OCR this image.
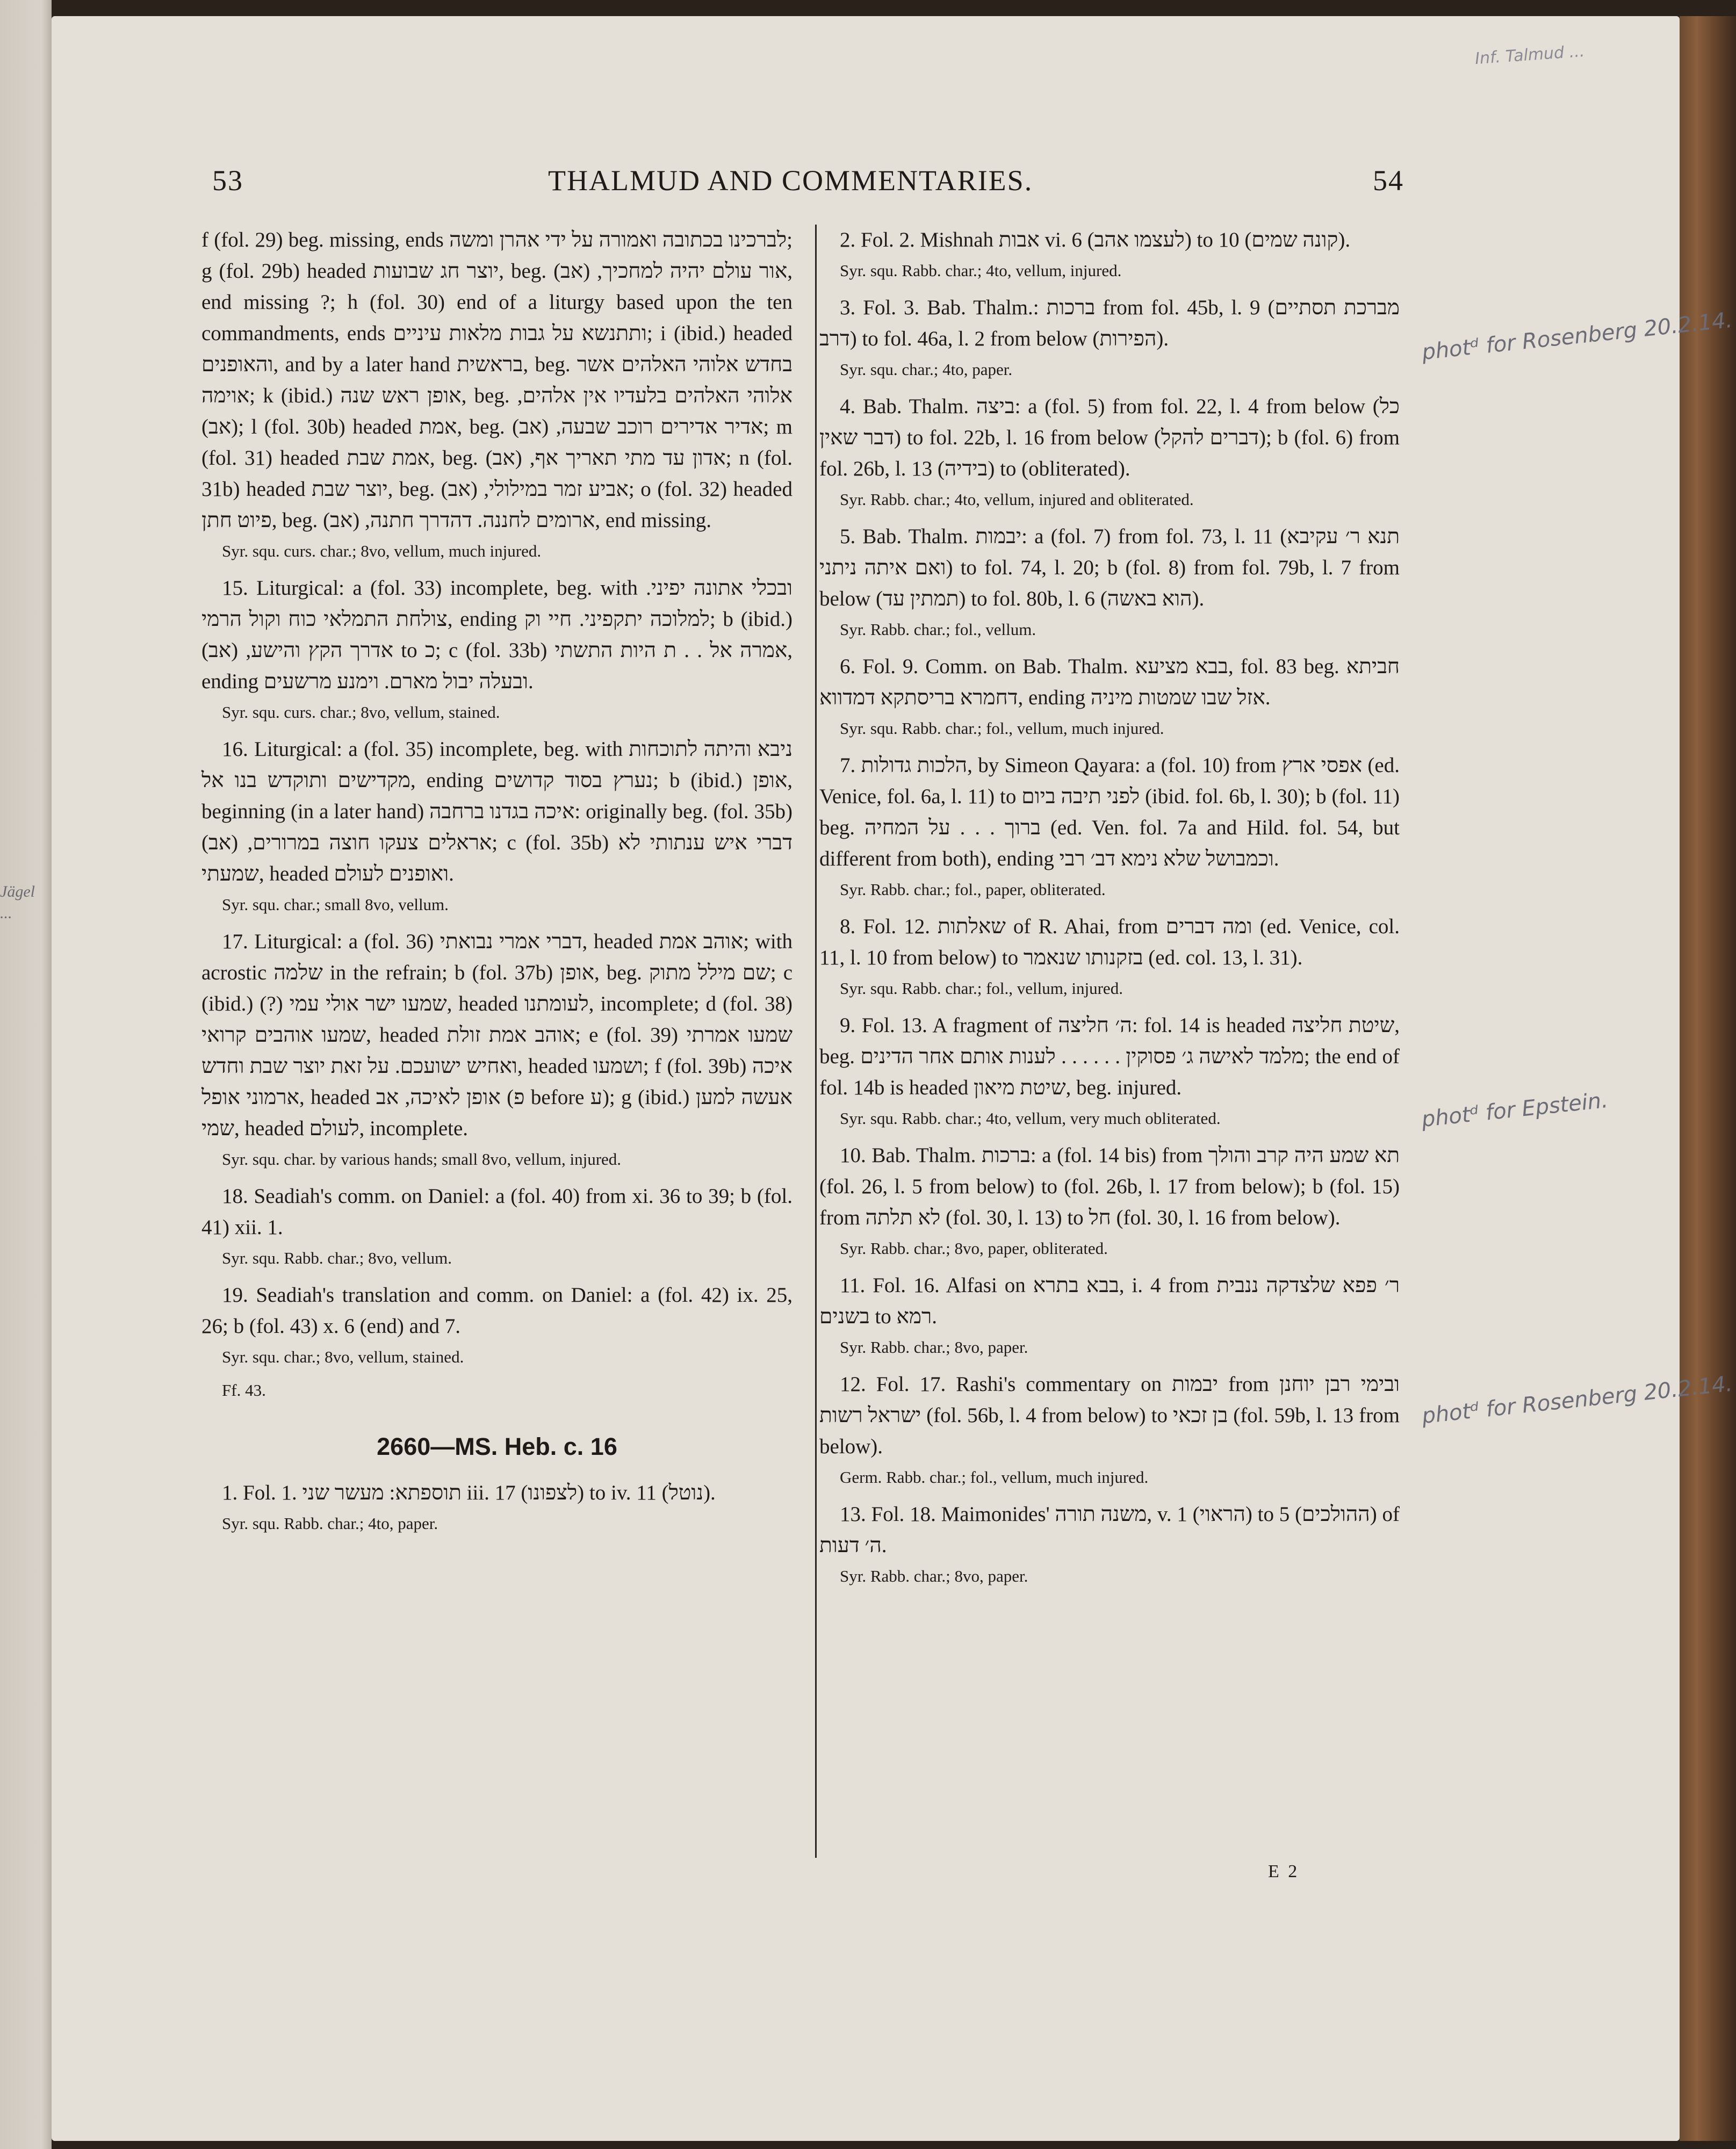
Jägel ...
Inf. Talmud ...
53	THALMUD AND COMMENTARIES.	54

f (fol. 29) beg. missing, ends לברכינו בכתובה ואמורה על ידי אהרן ומשה; g (fol. 29b) headed יוצר חג שבועות, beg. אור עולם יהיה למחכיך, (אב), end missing ?; h (fol. 30) end of a liturgy based upon the ten commandments, ends ותתנשא על גבות מלאות עיניים; i (ibid.) headed והאופנים, and by a later hand בראשית, beg. בחדש אלוהי האלהים אשר אוימה; k (ibid.) אופן ראש שנה, beg. אלוהי האלהים בלעדיו אין אלהים, (אב); l (fol. 30b) headed אמת, beg. אדיר אדירים רוכב שבעה, (אב); m (fol. 31) headed אמת שבת, beg. אדון עד מתי תאריך אף, (אב); n (fol. 31b) headed יוצר שבת, beg. אביע זמר במילולי, (אב); o (fol. 32) headed פיוט חתן, beg. ארומים לחננה. דהדרך חתנה, (אב), end missing.

Syr. squ. curs. char.; 8vo, vellum, much injured.

15. Liturgical: a (fol. 33) incomplete, beg. with ובכלי אתונה יפיני. צולחת התמלאי כוח וקול הרמי, ending למלוכה יתקפיני. חיי וק; b (ibid.) אדרך הקץ והישע, (אב) to כ; c (fol. 33b) אמרה אל . . ת היות התשתי, ending ובעלה יבול מארם. וימנע מרשעים.

Syr. squ. curs. char.; 8vo, vellum, stained.

16. Liturgical: a (fol. 35) incomplete, beg. with ניבא והיתה לתוכחות מקדישים ותוקדש בנו אל, ending נערץ בסוד קדושים; b (ibid.) אופן, beginning (in a later hand) איכה בגדנו ברחבה: originally beg. (fol. 35b) אראלים צעקו חוצה במרורים, (אב); c (fol. 35b) דברי איש ענתותי לא שמעתי, headed ואופנים לעולם.

Syr. squ. char.; small 8vo, vellum.

17. Liturgical: a (fol. 36) דברי אמרי נבואתי, headed אוהב אמת; with acrostic שלמה in the refrain; b (fol. 37b) אופן, beg. שם מילל מתוק; c (ibid.) (?) שמעו ישר אולי עמי, headed לעומתנו, incomplete; d (fol. 38) שמעו אוהבים קרואי, headed אוהב אמת זולת; e (fol. 39) שמעו אמרתי ואחיש ישועכם. על זאת יוצר שבת וחדש, headed ושמעו; f (fol. 39b) איכה ארמוני אופל, headed אופן לאיכה, אב (פ before ע); g (ibid.) אעשה למען שמי, headed לעולם, incomplete.

Syr. squ. char. by various hands; small 8vo, vellum, injured.

18. Seadiah's comm. on Daniel: a (fol. 40) from xi. 36 to 39; b (fol. 41) xii. 1.

Syr. squ. Rabb. char.; 8vo, vellum.

19. Seadiah's translation and comm. on Daniel: a (fol. 42) ix. 25, 26; b (fol. 43) x. 6 (end) and 7.

Syr. squ. char.; 8vo, vellum, stained.

Ff. 43.

2660—MS. Heb. c. 16

1. Fol. 1. תוספתא: מעשר שני iii. 17 (לצפונו) to iv. 11 (נוטל).

Syr. squ. Rabb. char.; 4to, paper.

2. Fol. 2. Mishnah אבות vi. 6 (לעצמו אהב) to 10 (קונה שמים).

Syr. squ. Rabb. char.; 4to, vellum, injured.

3. Fol. 3. Bab. Thalm.: ברכות from fol. 45b, l. 9 (מברכת תסתיים דרב) to fol. 46a, l. 2 from below (הפירות).

Syr. squ. char.; 4to, paper.

4. Bab. Thalm. ביצה: a (fol. 5) from fol. 22, l. 4 from below (כל דבר שאין) to fol. 22b, l. 16 from below (דברים להקל); b (fol. 6) from fol. 26b, l. 13 (בידיה) to (obliterated).

Syr. Rabb. char.; 4to, vellum, injured and obliterated.

5. Bab. Thalm. יבמות: a (fol. 7) from fol. 73, l. 11 (תנא ר׳ עקיבא ואם איתה ניתני) to fol. 74, l. 20; b (fol. 8) from fol. 79b, l. 7 from below (תמתין עד) to fol. 80b, l. 6 (הוא באשה).

Syr. Rabb. char.; fol., vellum.

6. Fol. 9. Comm. on Bab. Thalm. בבא מציעא, fol. 83 beg. חביתא דחמרא בריסתקא דמדווא, ending אזל שבו שמטות מיניה.

Syr. squ. Rabb. char.; fol., vellum, much injured.

7. הלכות גדולות, by Simeon Qayara: a (fol. 10) from אפסי ארץ (ed. Venice, fol. 6a, l. 11) to לפני תיבה ביום (ibid. fol. 6b, l. 30); b (fol. 11) beg. ברוך . . . על המחיה (ed. Ven. fol. 7a and Hild. fol. 54, but different from both), ending וכמבושל שלא נימא דב׳ רבי.

Syr. Rabb. char.; fol., paper, obliterated.

8. Fol. 12. שאלתות of R. Ahai, from ומה דברים (ed. Venice, col. 11, l. 10 from below) to בזקנותו שנאמר (ed. col. 13, l. 31).

Syr. squ. Rabb. char.; fol., vellum, injured.

9. Fol. 13. A fragment of ה׳ חליצה: fol. 14 is headed שיטת חליצה, beg. מלמד לאישה ג׳ פסוקין . . . . . . לענות אותם אחר הדינים; the end of fol. 14b is headed שיטת מיאון, beg. injured.

Syr. squ. Rabb. char.; 4to, vellum, very much obliterated.

10. Bab. Thalm. ברכות: a (fol. 14 bis) from תא שמע היה קרב והולך (fol. 26, l. 5 from below) to (fol. 26b, l. 17 from below); b (fol. 15) from לא תלתה (fol. 30, l. 13) to חל (fol. 30, l. 16 from below).

Syr. Rabb. char.; 8vo, paper, obliterated.

11. Fol. 16. Alfasi on בבא בתרא, i. 4 from ר׳ פפא שלצדקה ננבית בשנים to רמא.

Syr. Rabb. char.; 8vo, paper.

12. Fol. 17. Rashi's commentary on יבמות from ובימי רבן יוחנן ישראל רשות (fol. 56b, l. 4 from below) to בן זכאי (fol. 59b, l. 13 from below).

Germ. Rabb. char.; fol., vellum, much injured.

13. Fol. 18. Maimonides' משנה תורה, v. 1 (הראוי) to 5 (ההולכים) of ה׳ דעות.

Syr. Rabb. char.; 8vo, paper.

E 2
photᵈ for Rosenberg 20.2.14.
photᵈ for Epstein.
photᵈ for Rosenberg 20.2.14.
